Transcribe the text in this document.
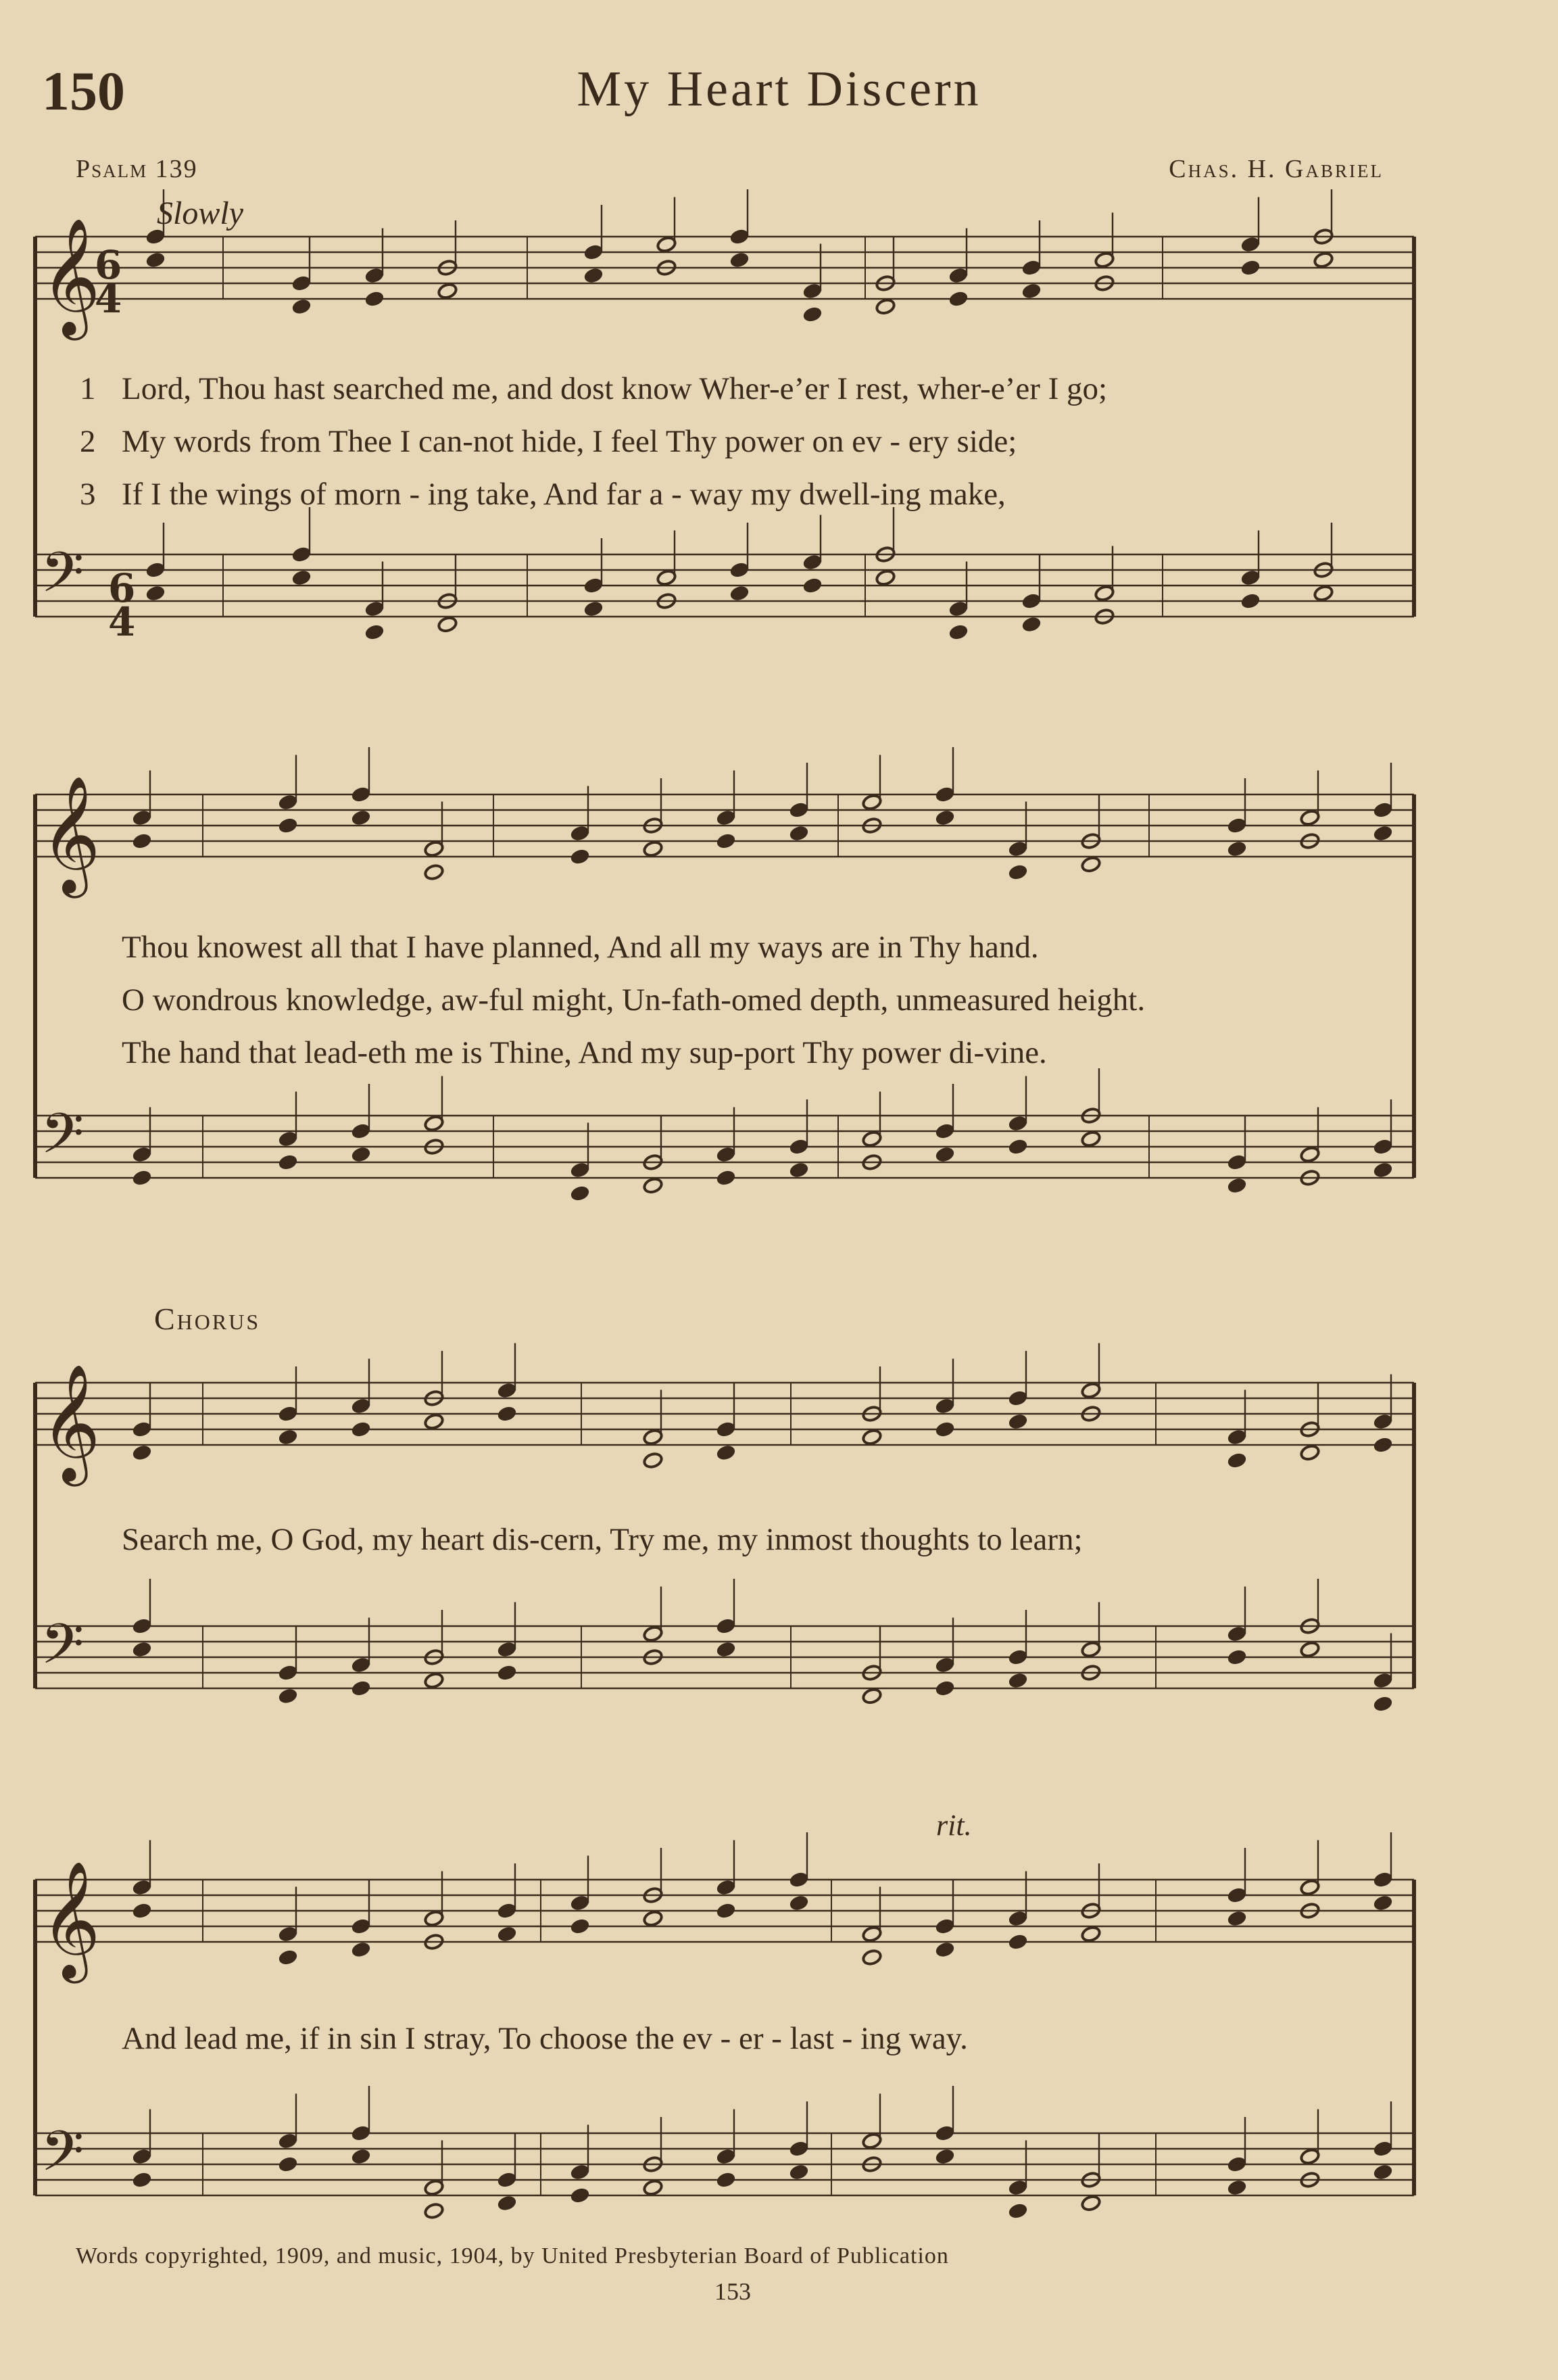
150	My Heart Discern
Psalm 139	Chas. H. Gabriel
Slowly
𝄞
𝄢
𝄞
𝄢
𝄞
𝄢
𝄞
𝄢
6
4
6
4
1 Lord, Thou hast searched me, and dost know Wher-e’er I rest, wher-e’er I go;
2 My words from Thee I can-not hide, I feel Thy power on ev - ery side;
3 If I the wings of morn - ing take, And far a - way my dwell-ing make,
Thou knowest all that I have planned, And all my ways are in Thy hand.
O wondrous knowledge, aw-ful might, Un-fath-omed depth, unmeasured height.
The hand that lead-eth me is Thine, And my sup-port Thy power di-vine.
Chorus
Search me, O God, my heart dis-cern, Try me, my inmost thoughts to learn;
rit.
And lead me, if in sin I stray, To choose the ev - er - last - ing way.
Words copyrighted, 1909, and music, 1904, by United Presbyterian Board of Publication
153
